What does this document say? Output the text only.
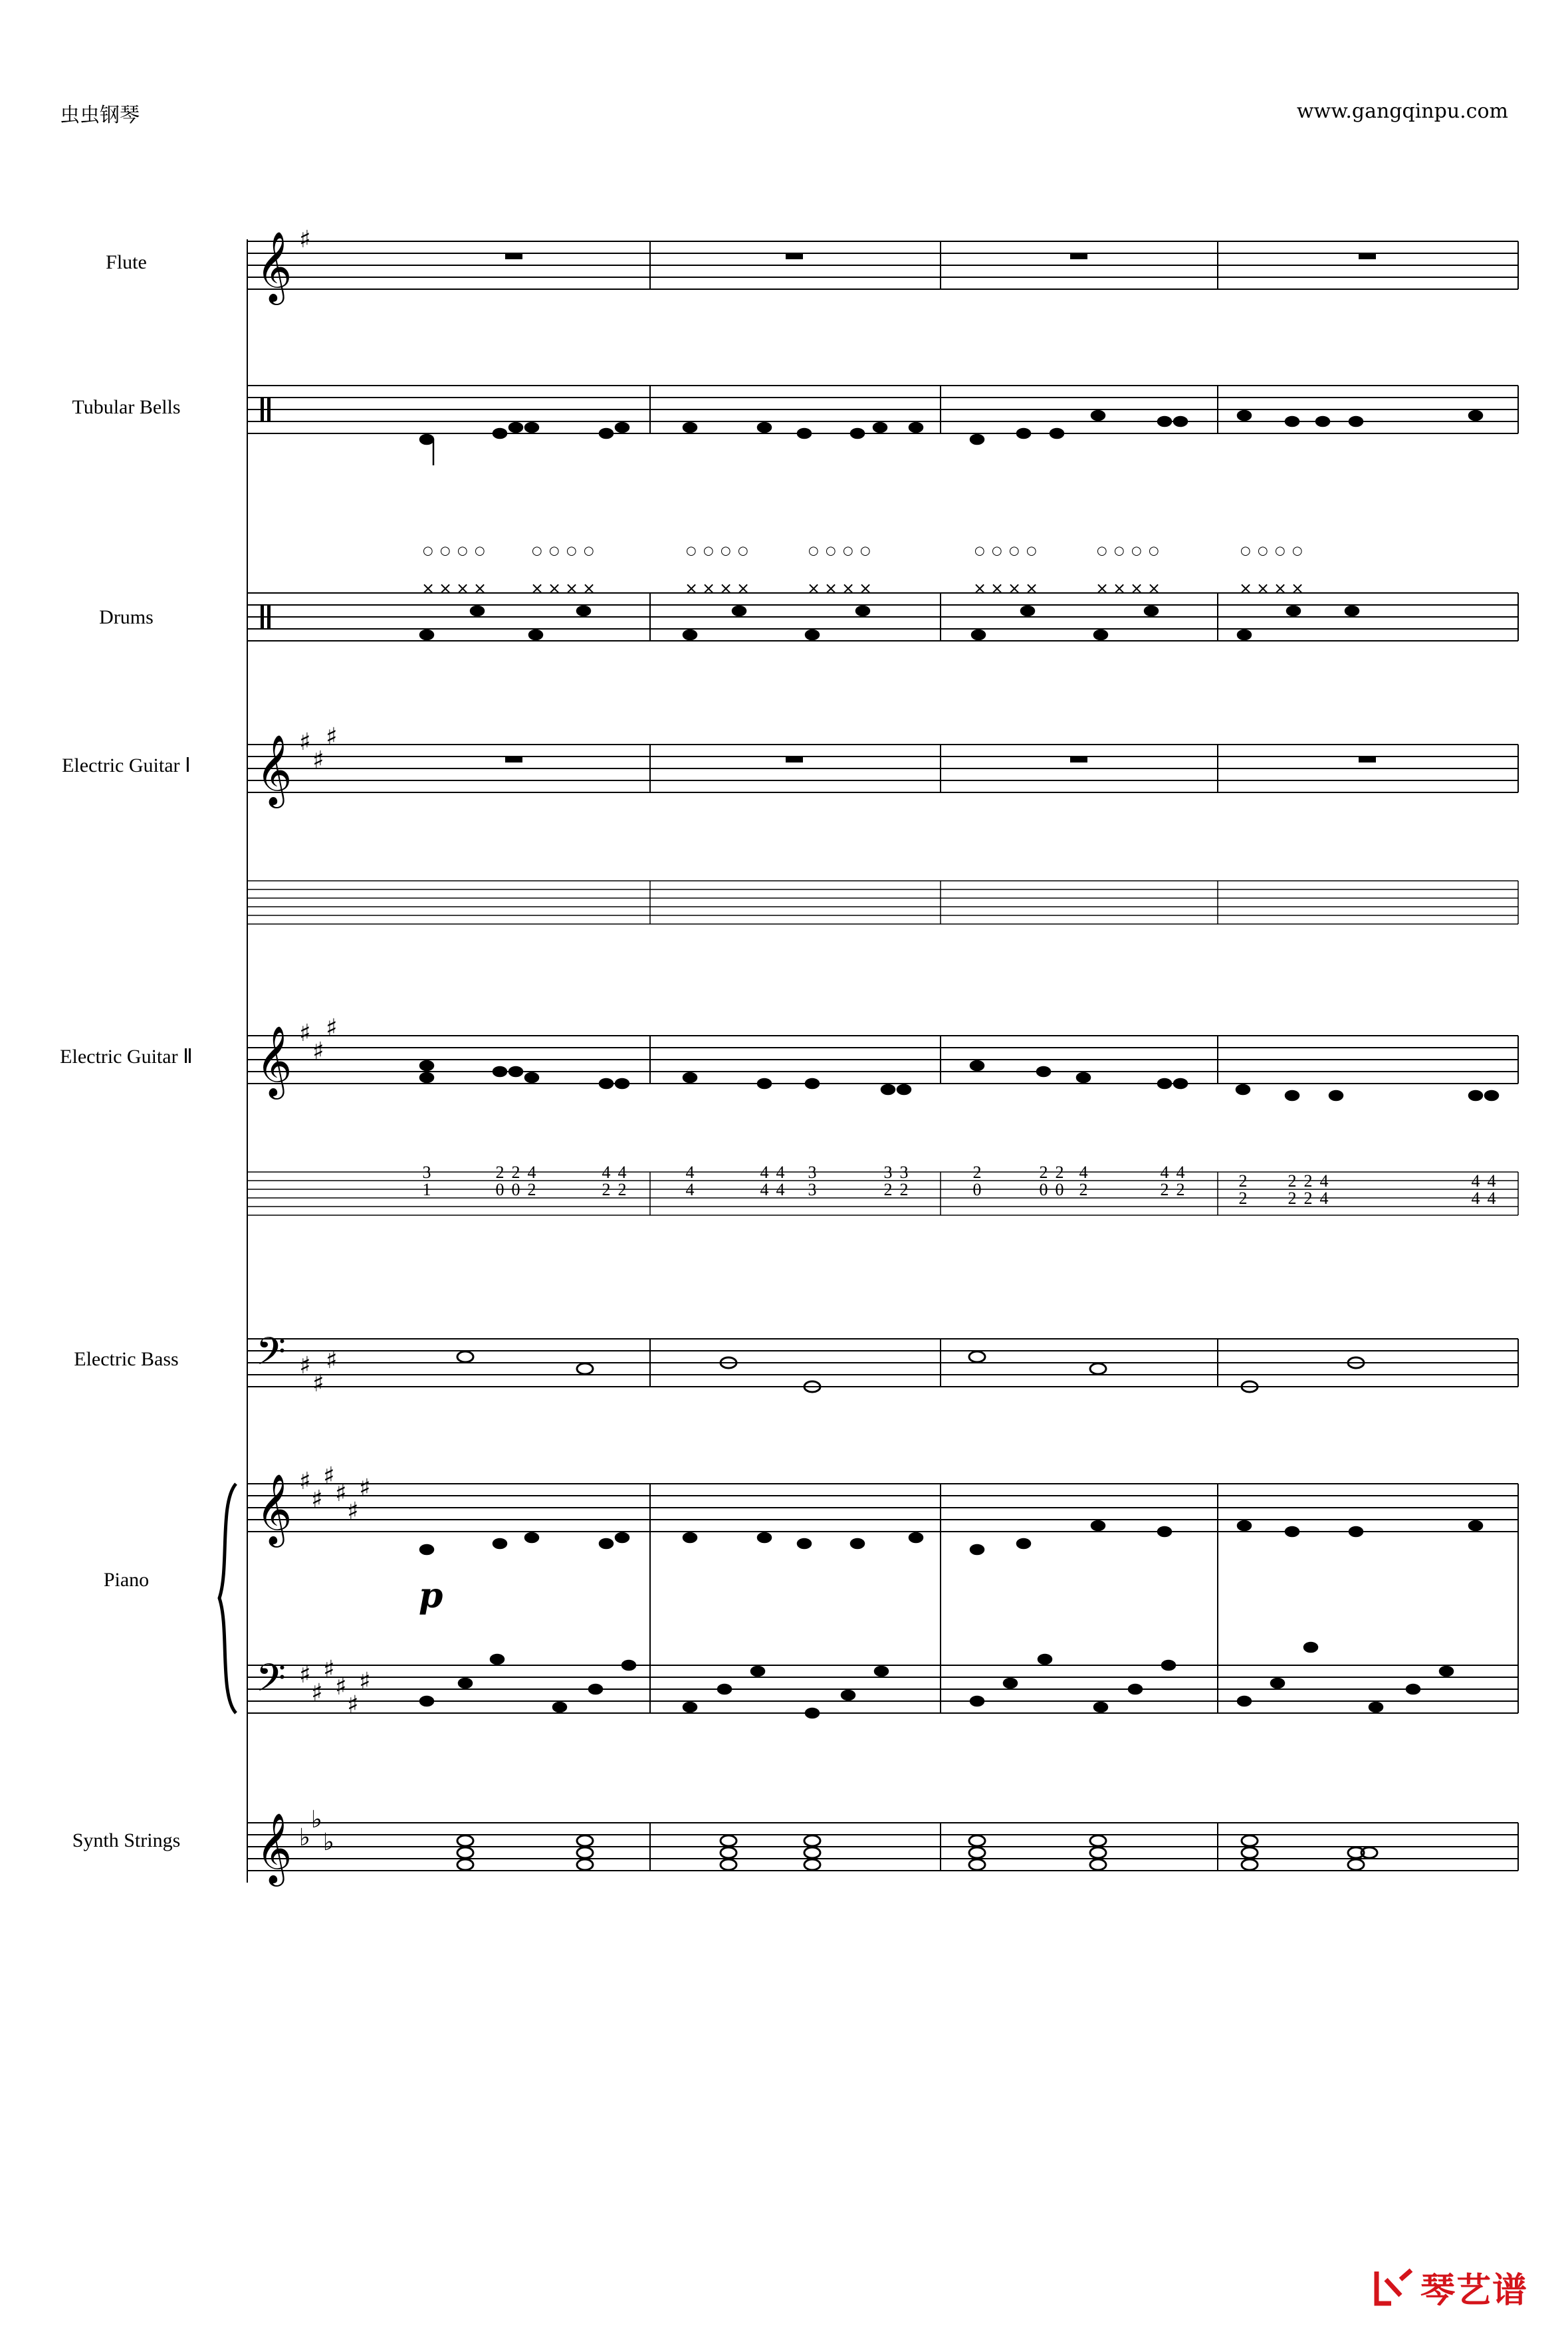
虫虫钢琴	www.gangqinpu.com
Flute
Tubular Bells
Drums
Electric Guitar Ⅰ
Electric Guitar Ⅱ
Electric Bass
Piano
Synth Strings
p
𝄞
𝄞
𝄞
𝄞
𝄞
𝄢
𝄢
♯
♯
♯
♯
♯
♯
♯
♯
♯
♯
♯
♯
♯
♯
♯
♯
♯
♯
♯
♯
♯
♯
♭
♭
♭
×
○
×
○
×
○
×
○
×
○
×
○
×
○
×
○
×
○
×
○
×
○
×
○
×
○
×
○
×
○
×
○
×
○
×
○
×
○
×
○
×
○
×
○
×
○
×
○
×
○
×
○
×
○
×
○
3
1
2
0
2
0
4
2
4
2
4
2
4
4
4
4
4
4
3
3
3
2
3
2
2
0
2
0
2
0
4
2
4
2
4
2	2
2
2
2
2
2
4
4
4
4
4
4
琴艺谱
